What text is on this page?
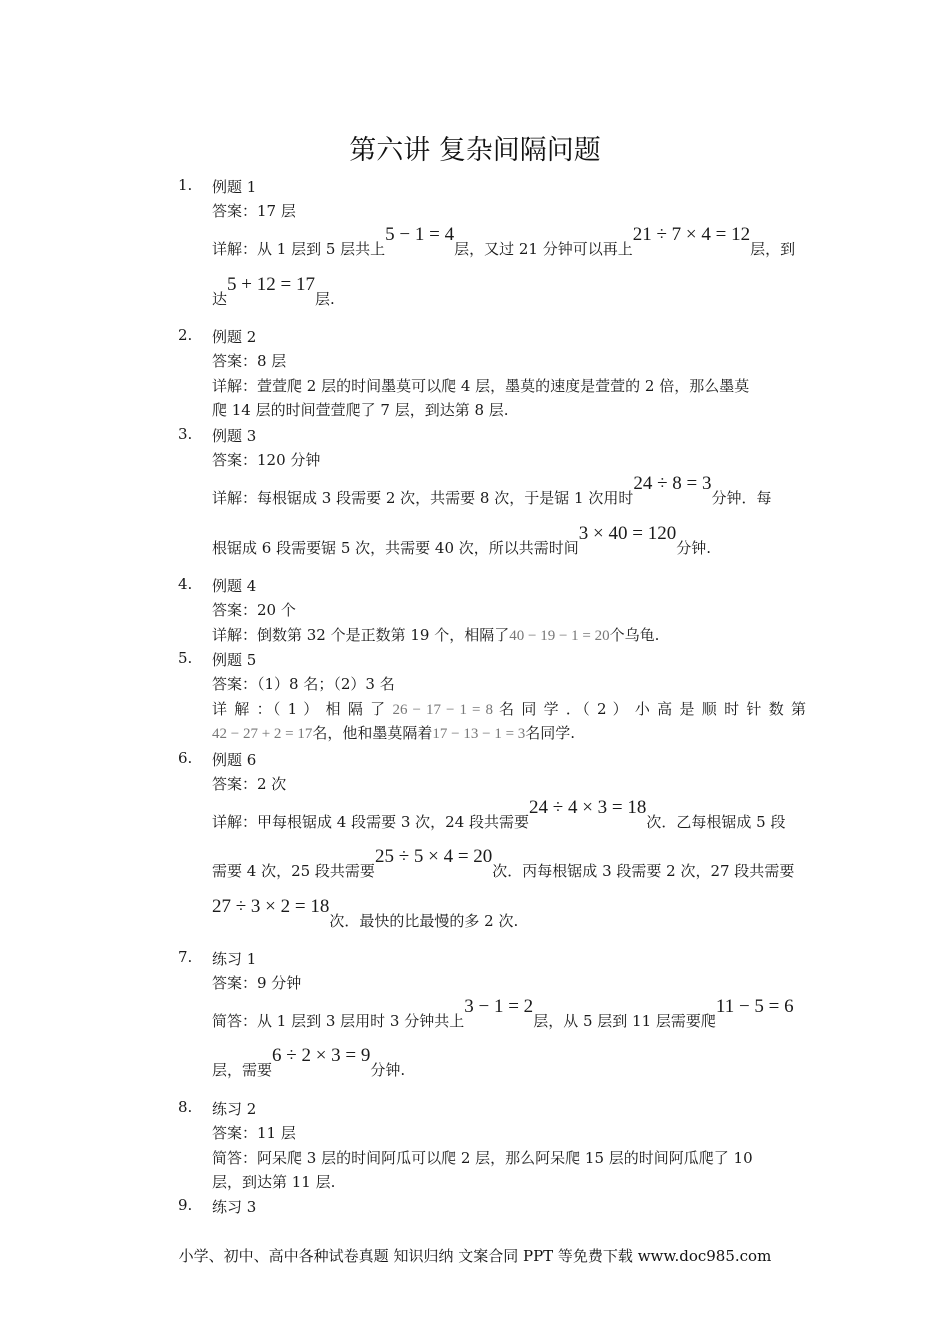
第六讲 复杂间隔问题
1. 例题 1
答案：17 层
详解：从 1 层到 5 层共上5 − 1 = 4层，又过 21 分钟可以再上21 ÷ 7 × 4 = 12层，到
达5 + 12 = 17层.
2. 例题 2
答案：8 层
详解：萱萱爬 2 层的时间墨莫可以爬 4 层，墨莫的速度是萱萱的 2 倍，那么墨莫
爬 14 层的时间萱萱爬了 7 层，到达第 8 层.
3. 例题 3
答案：120 分钟
详解：每根锯成 3 段需要 2 次，共需要 8 次，于是锯 1 次用时24 ÷ 8 = 3分钟．每
根锯成 6 段需要锯 5 次，共需要 40 次，所以共需时间3 × 40 = 120分钟.
4. 例题 4
答案：20 个
详解：倒数第 32 个是正数第 19 个，相隔了40 − 19 − 1 = 20个乌龟.
5. 例题 5
答案：（1）8 名；（2）3 名
详 解 ：（ 1 ） 相 隔 了 26 − 17 − 1 = 8 名 同 学 ．（ 2 ） 小 高 是 顺 时 针 数 第
42 − 27 + 2 = 17名，他和墨莫隔着17 − 13 − 1 = 3名同学.
6. 例题 6
答案：2 次
详解：甲每根锯成 4 段需要 3 次，24 段共需要24 ÷ 4 × 3 = 18次．乙每根锯成 5 段
需要 4 次，25 段共需要25 ÷ 5 × 4 = 20次．丙每根锯成 3 段需要 2 次，27 段共需要
27 ÷ 3 × 2 = 18次．最快的比最慢的多 2 次.
7. 练习 1
答案：9 分钟
简答：从 1 层到 3 层用时 3 分钟共上3 − 1 = 2层，从 5 层到 11 层需要爬11 − 5 = 6
层，需要6 ÷ 2 × 3 = 9分钟.
8. 练习 2
答案：11 层
简答：阿呆爬 3 层的时间阿瓜可以爬 2 层，那么阿呆爬 15 层的时间阿瓜爬了 10
层，到达第 11 层.
9. 练习 3
小学、初中、高中各种试卷真题 知识归纳 文案合同 PPT 等免费下载 www.doc985.com
